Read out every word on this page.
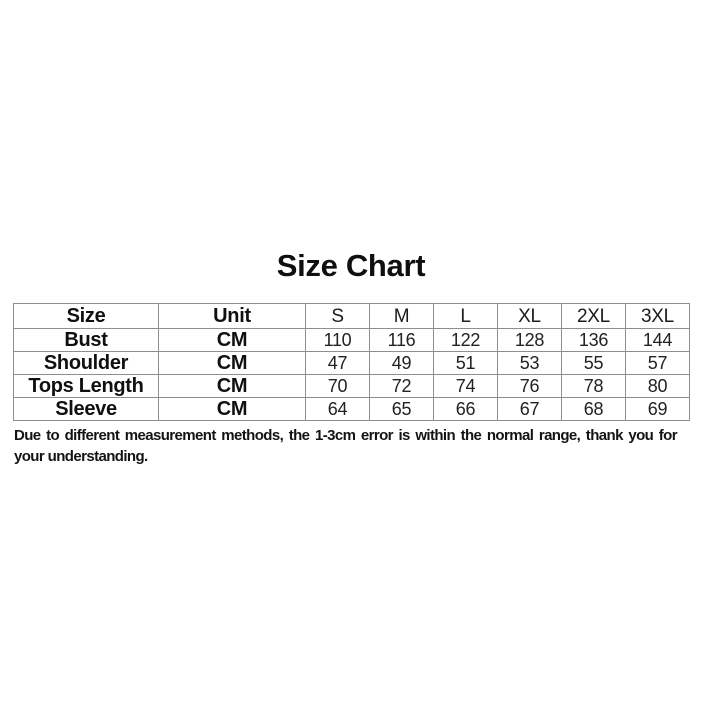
Size Chart
Size	Unit	S	M	L	XL	2XL	3XL
Bust	CM	110	116	122	128	136	144
Shoulder	CM	47	49	51	53	55	57
Tops Length	CM	70	72	74	76	78	80
Sleeve	CM	64	65	66	67	68	69
Due to different measurement methods, the 1-3cm error is within the normal range, thank you for your understanding.
